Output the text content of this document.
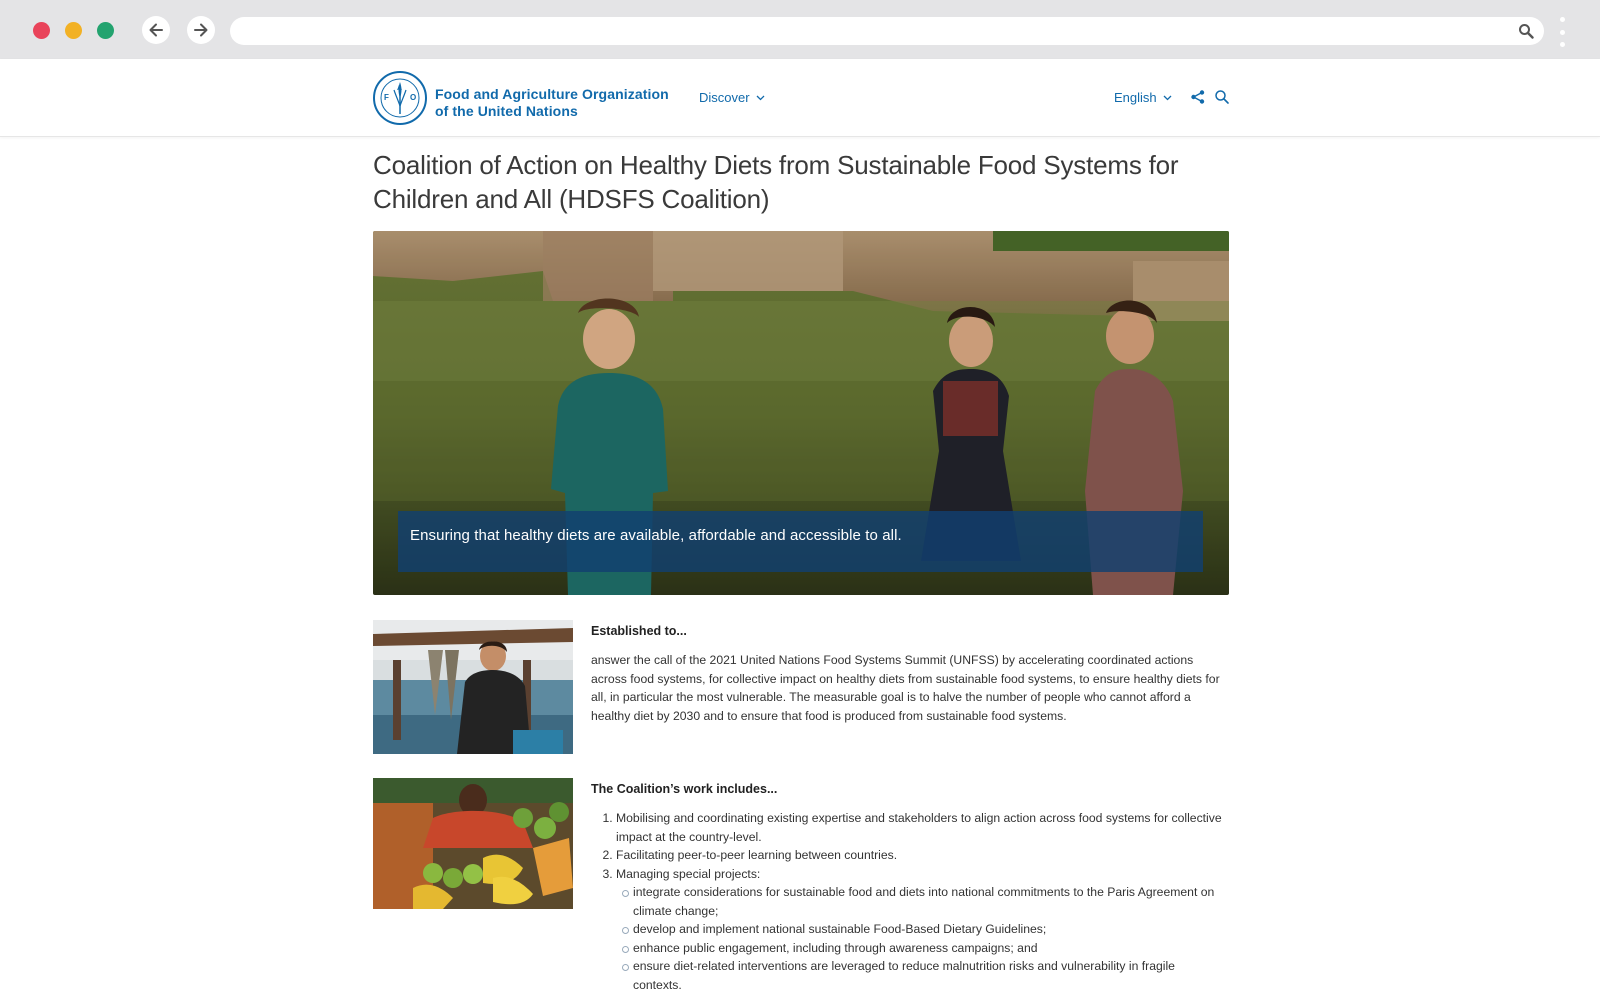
F
A
O Food and Agriculture Organization
of the United Nations
Discover	English
Coalition of Action on Healthy Diets from Sustainable Food Systems for Children and All (HDSFS Coalition)
Ensuring that healthy diets are available, affordable and accessible to all.
Established to...

answer the call of the 2021 United Nations Food Systems Summit (UNFSS) by accelerating coordinated actions across food systems, for collective impact on healthy diets from sustainable food systems, to ensure healthy diets for all, in particular the most vulnerable. The measurable goal is to halve the number of people who cannot afford a healthy diet by 2030 and to ensure that food is produced from sustainable food systems.

The Coalition’s work includes...
1. Mobilising and coordinating existing expertise and stakeholders to align action across food systems for collective impact at the country-level.
2. Facilitating peer-to-peer learning between countries.
3. Managing special projects:
integrate considerations for sustainable food and diets into national commitments to the Paris Agreement on climate change;
develop and implement national sustainable Food-Based Dietary Guidelines;
enhance public engagement, including through awareness campaigns; and
ensure diet-related interventions are leveraged to reduce malnutrition risks and vulnerability in fragile contexts.
